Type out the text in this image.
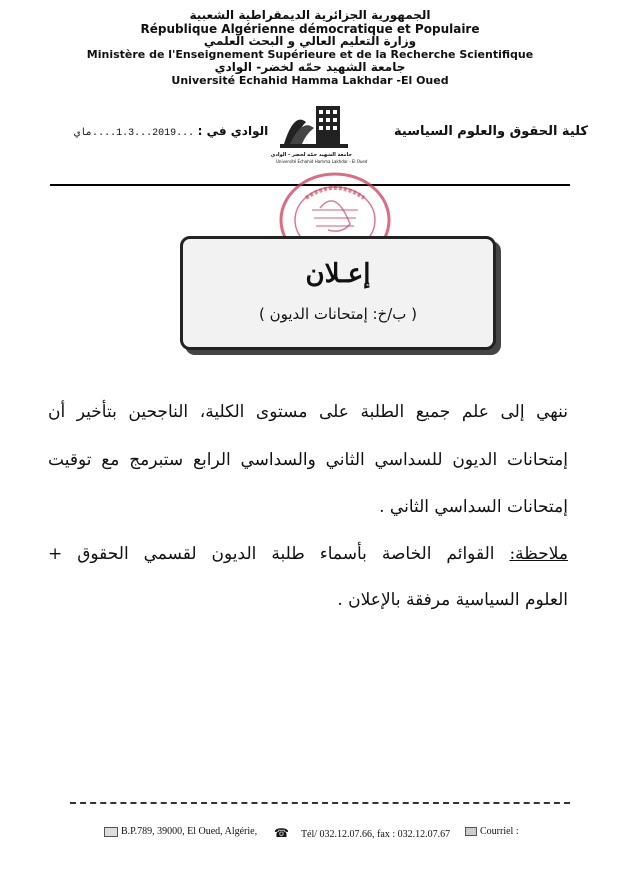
الجمهورية الجزائرية الديمقراطية الشعبية
République Algérienne démocratique et Populaire
وزارة التعليم العالي و البحث العلمي
Ministère de l'Enseignement Supérieure et de la Recherche Scientifique
جامعة الشهيد حمّه لخضر- الوادي
Université Echahid Hamma Lakhdar -El Oued
كلية الحقوق والعلوم السياسية
الوادي في : ...2019...1.3....ماي
جامعة الشهيد حمّه لخضر - الوادي
Université Echahid Hamma Lakhdar - El Oued
إعـلان
( ب/خ: إمتحانات الديون )
ننهي إلى علم جميع الطلبة على مستوى الكلية، الناجحين بتأخير أن
إمتحانات الديون للسداسي الثاني والسداسي الرابع ستبرمج مع توقيت
إمتحانات السداسي الثاني .
ملاحظة: القوائم الخاصة بأسماء طلبة الديون لقسمي الحقوق +
العلوم السياسية مرفقة بالإعلان .
B.P.789, 39000, El Oued, Algérie, ☎ Tél/ 032.12.07.66, fax : 032.12.07.67	Courriel :
